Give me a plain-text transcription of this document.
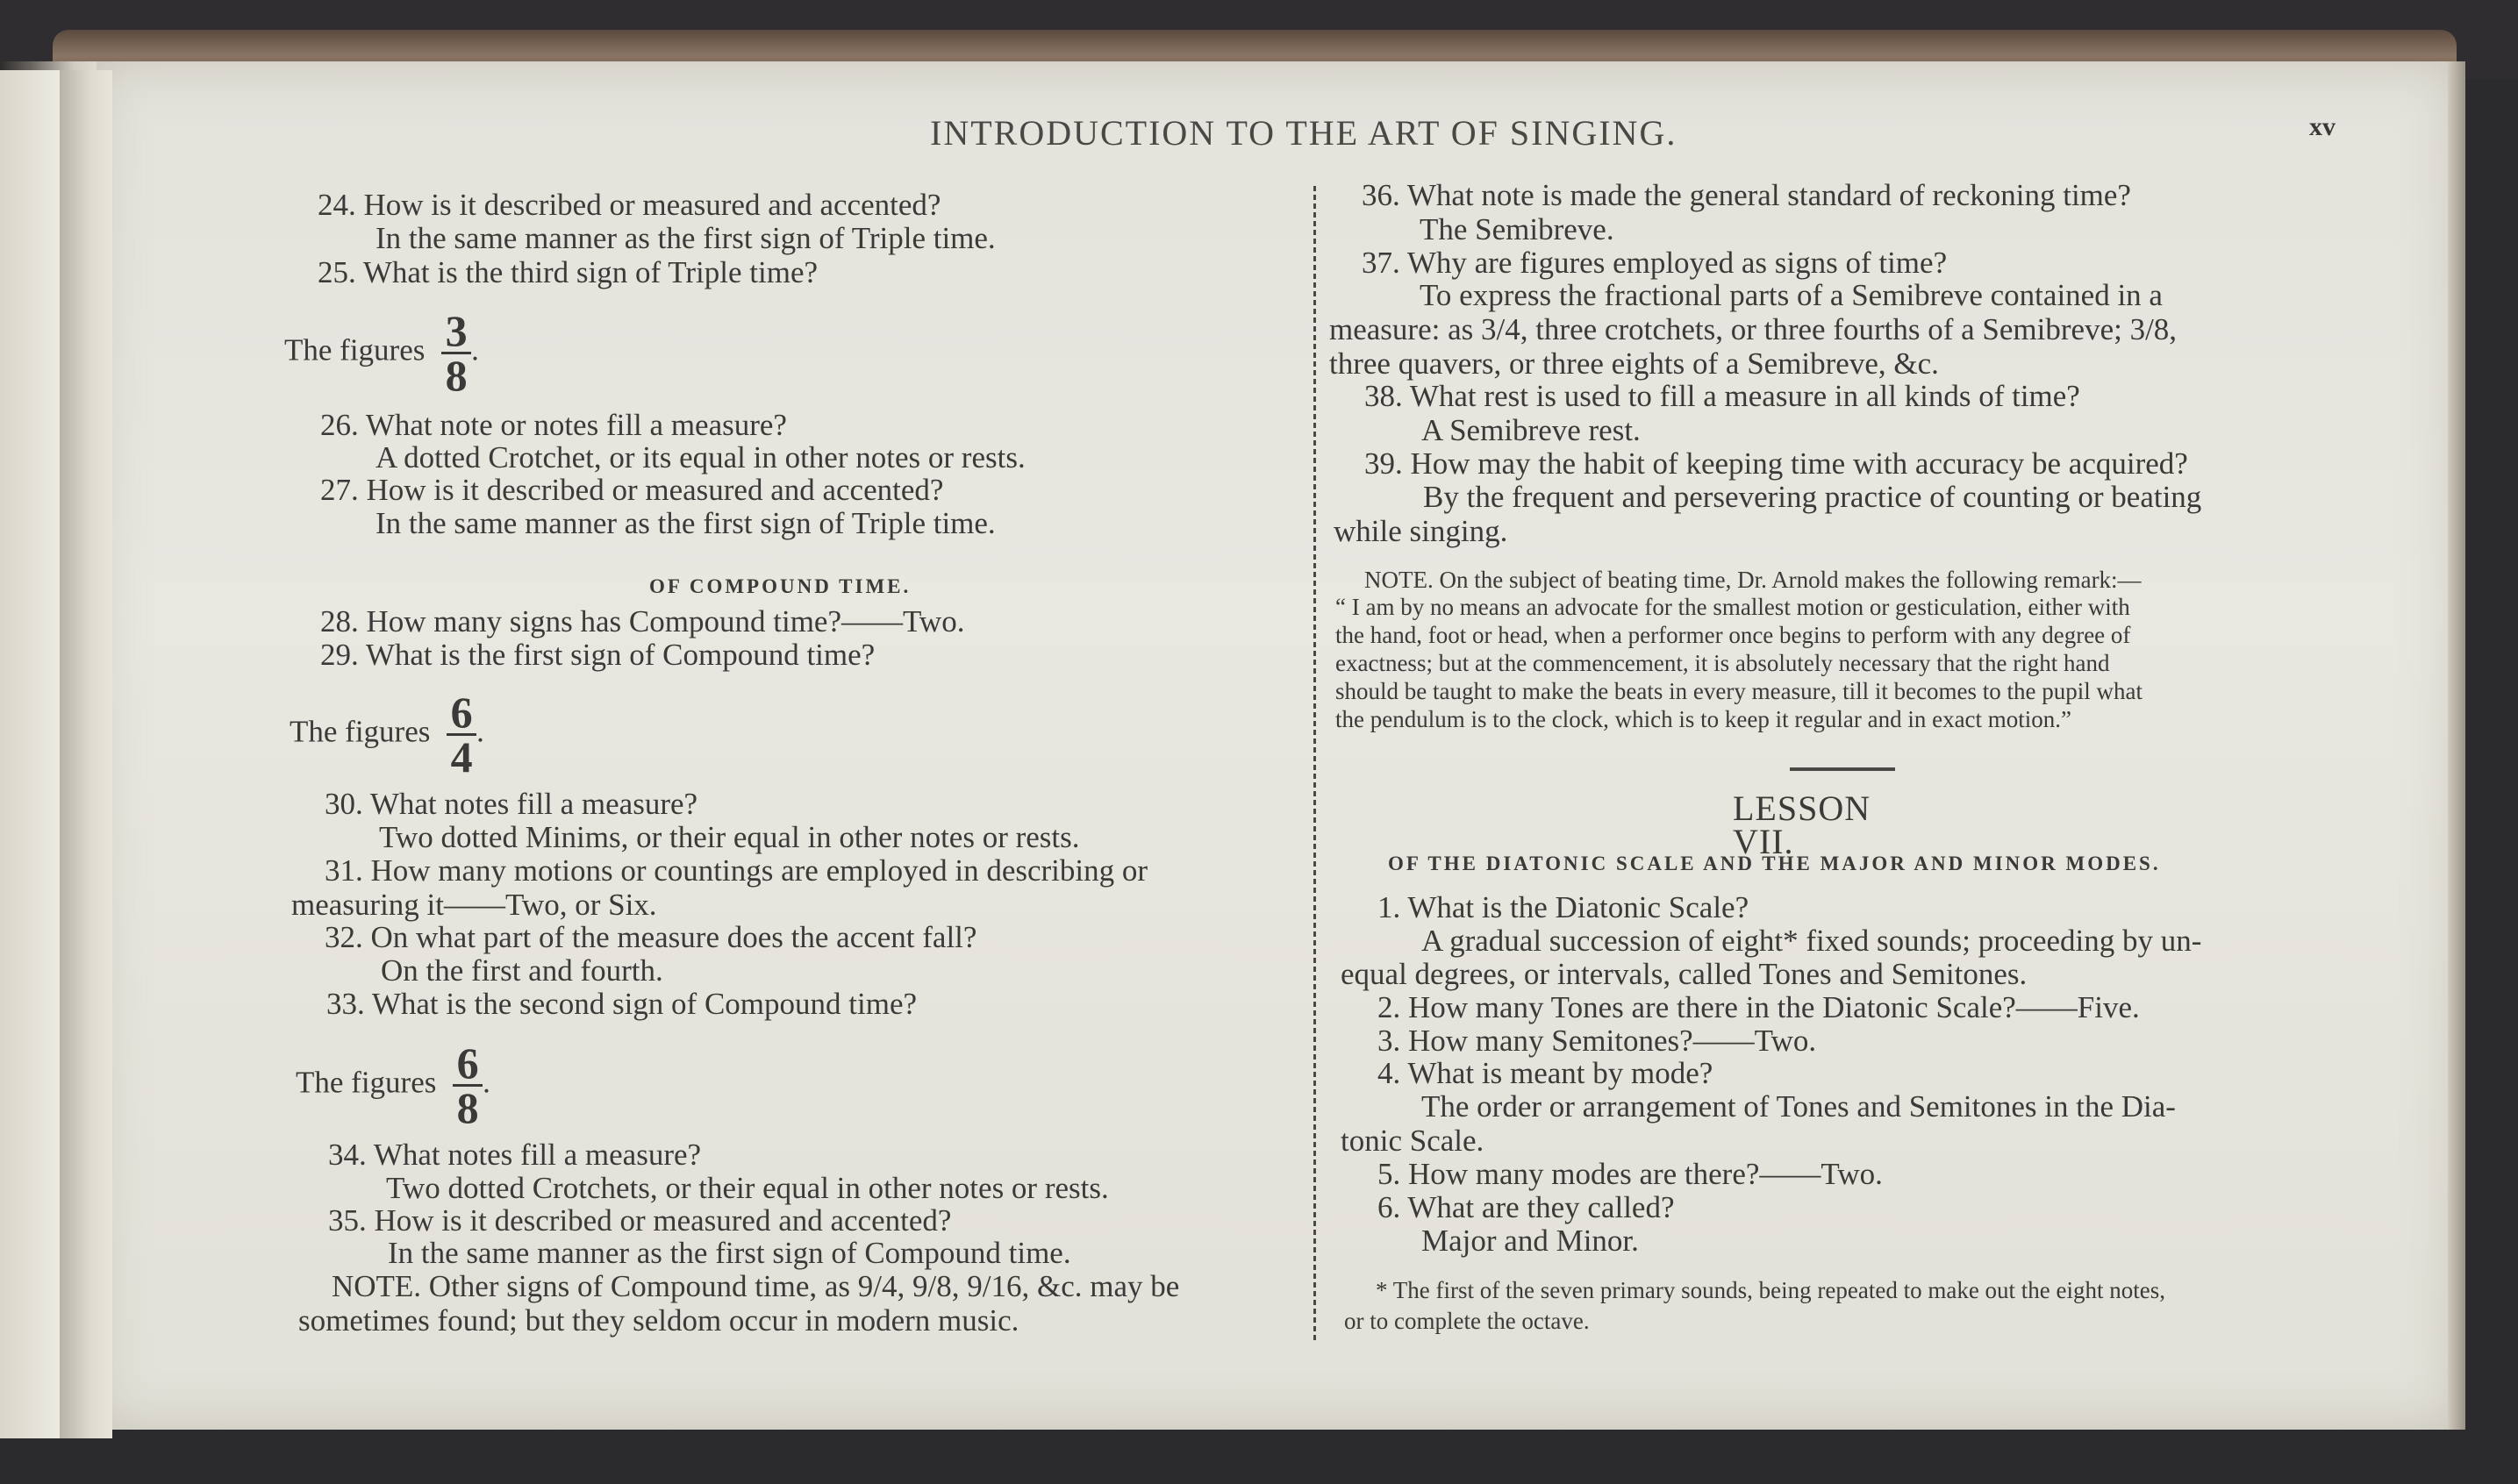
INTRODUCTION TO THE ART OF SINGING.	xv
24. How is it described or measured and accented?
In the same manner as the first sign of Triple time.
25. What is the third sign of Triple time?
The figures $\frac{3}{8}$ .
26. What note or notes fill a measure?
A dotted Crotchet, or its equal in other notes or rests.
27. How is it described or measured and accented?
In the same manner as the first sign of Triple time.
OF COMPOUND TIME.
28. How many signs has Compound time?——Two.
29. What is the first sign of Compound time?
The figures $\frac{6}{4}$ .
30. What notes fill a measure?
Two dotted Minims, or their equal in other notes or rests.
31. How many motions or countings are employed in describing or
measuring it——Two, or Six.
32. On what part of the measure does the accent fall?
On the first and fourth.
33. What is the second sign of Compound time?
The figures $\frac{6}{8}$ .
34. What notes fill a measure?
Two dotted Crotchets, or their equal in other notes or rests.
35. How is it described or measured and accented?
In the same manner as the first sign of Compound time.
NOTE. Other signs of Compound time, as 9/4, 9/8, 9/16, &c. may be
sometimes found; but they seldom occur in modern music.
36. What note is made the general standard of reckoning time?
The Semibreve.
37. Why are figures employed as signs of time?
To express the fractional parts of a Semibreve contained in a
measure: as 3/4, three crotchets, or three fourths of a Semibreve; 3/8,
three quavers, or three eights of a Semibreve, &c.
38. What rest is used to fill a measure in all kinds of time?
A Semibreve rest.
39. How may the habit of keeping time with accuracy be acquired?
By the frequent and persevering practice of counting or beating
while singing.
NOTE. On the subject of beating time, Dr. Arnold makes the following remark:—
“ I am by no means an advocate for the smallest motion or gesticulation, either with
the hand, foot or head, when a performer once begins to perform with any degree of
exactness; but at the commencement, it is absolutely necessary that the right hand
should be taught to make the beats in every measure, till it becomes to the pupil what
the pendulum is to the clock, which is to keep it regular and in exact motion.”
LESSON VII.
OF THE DIATONIC SCALE AND THE MAJOR AND MINOR MODES.
1. What is the Diatonic Scale?
A gradual succession of eight* fixed sounds; proceeding by un-
equal degrees, or intervals, called Tones and Semitones.
2. How many Tones are there in the Diatonic Scale?——Five.
3. How many Semitones?——Two.
4. What is meant by mode?
The order or arrangement of Tones and Semitones in the Dia-
tonic Scale.
5. How many modes are there?——Two.
6. What are they called?
Major and Minor.
* The first of the seven primary sounds, being repeated to make out the eight notes,
or to complete the octave.
